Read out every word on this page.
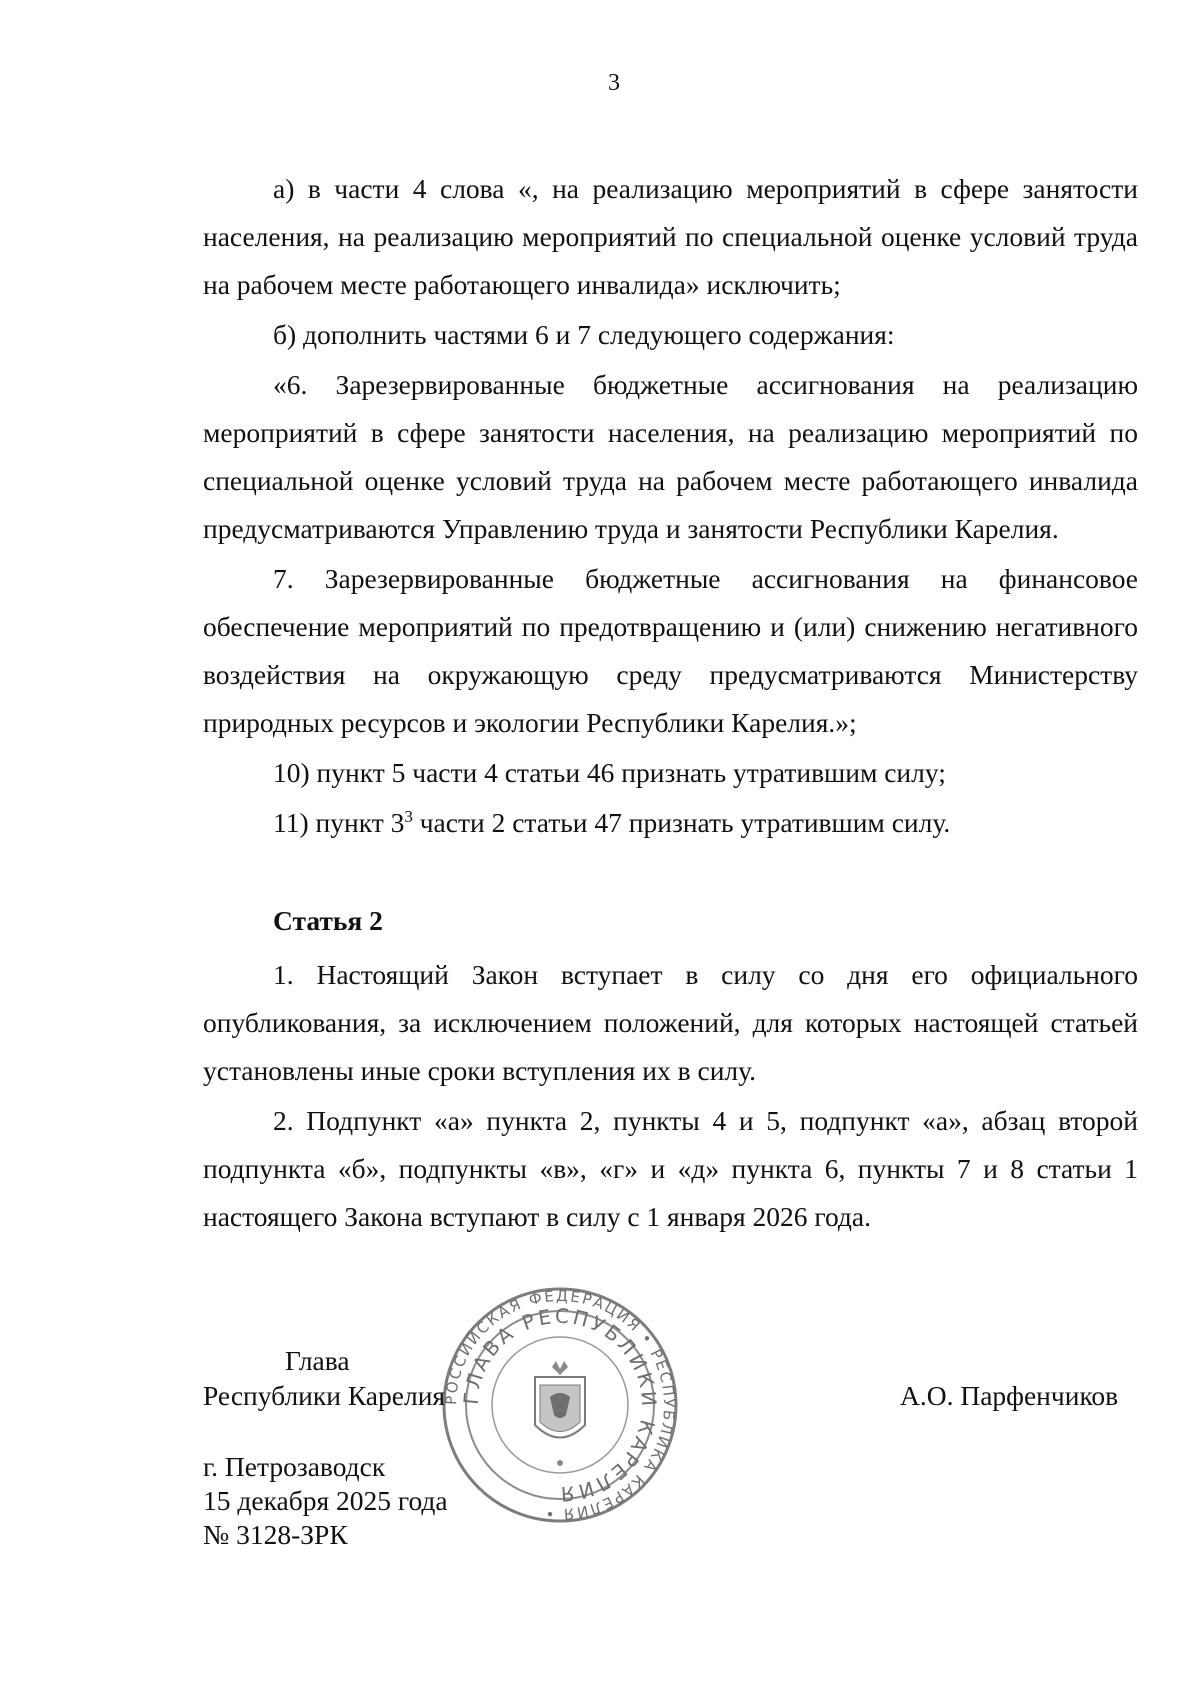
3

а) в части 4 слова «, на реализацию мероприятий в сфере занятости населения, на реализацию мероприятий по специальной оценке условий труда на рабочем месте работающего инвалида» исключить;

б) дополнить частями 6 и 7 следующего содержания:

«6. Зарезервированные бюджетные ассигнования на реализацию мероприятий в сфере занятости населения, на реализацию мероприятий по специальной оценке условий труда на рабочем месте работающего инвалида предусматриваются Управлению труда и занятости Республики Карелия.

7. Зарезервированные бюджетные ассигнования на финансовое обеспечение мероприятий по предотвращению и (или) снижению негативного воздействия на окружающую среду предусматриваются Министерству природных ресурсов и экологии Республики Карелия.»;

10) пункт 5 части 4 статьи 46 признать утратившим силу;

11) пункт $3^3$ части 2 статьи 47 признать утратившим силу.

Статья 2

1. Настоящий Закон вступает в силу со дня его официального опубликования, за исключением положений, для которых настоящей статьей установлены иные сроки вступления их в силу.

2. Подпункт «а» пункта 2, пункты 4 и 5, подпункт «а», абзац второй подпункта «б», подпункты «в», «г» и «д» пункта 6, пункты 7 и 8 статьи 1 настоящего Закона вступают в силу с 1 января 2026 года.

РОССИЙСКАЯ ФЕДЕРАЦИЯ • РЕСПУБЛИКА КАРЕЛИЯ •
ГЛАВА РЕСПУБЛИКИ КАРЕЛИЯ
Глава
Республики Карелия	А.О. Парфенчиков
г. Петрозаводск
15 декабря 2025 года
№ 3128-ЗРК
